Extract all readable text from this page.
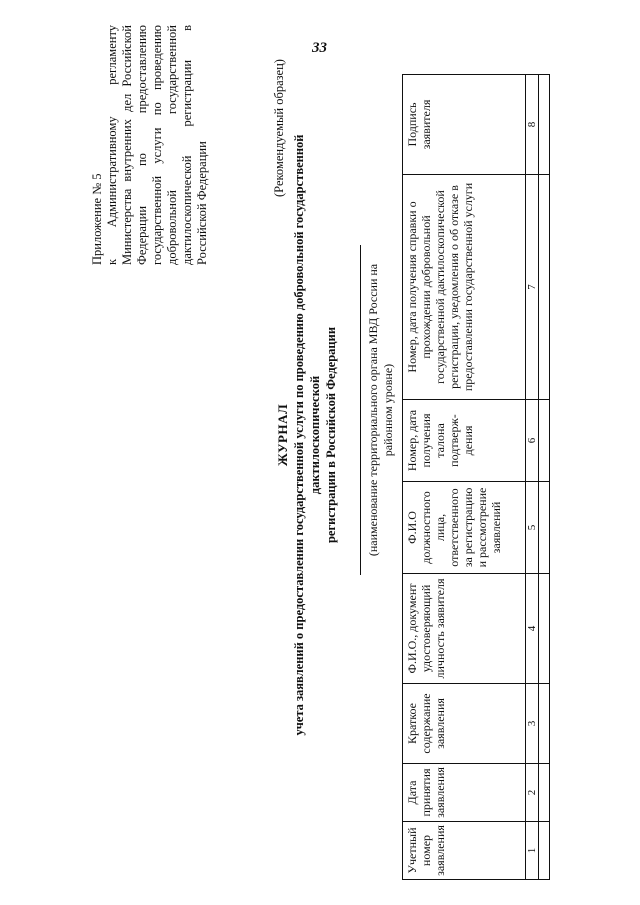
33
Приложение № 5 к Административному регламенту Министерства внутренних дел Российской Федерации по предоставлению государственной услуги по проведению добровольной государственной дактилоскопической регистрации в Российской Федерации
(Рекомендуемый образец)
ЖУРНАЛ учета заявлений о предоставлении государственной услуги по проведению добровольной государственной дактилоскопической регистрации в Российской Федерации (наименование территориального органа МВД России на районном уровне)
Учетный номер заявления	Дата принятия заявления	Краткое содержание заявления	Ф.И.О., документ удостоверяющий личность заявителя	Ф.И.О должностного лица, ответственного за регистрацию и рассмотрение заявлений	Номер, дата получения талона подтверж-дения	Номер, дата получения справки о прохождении добровольной государственной дактилоскопической регистрации, уведомления о об отказе в предоставлении государственной услуги	Подпись заявителя
1	2	3	4	5	6	7	8
